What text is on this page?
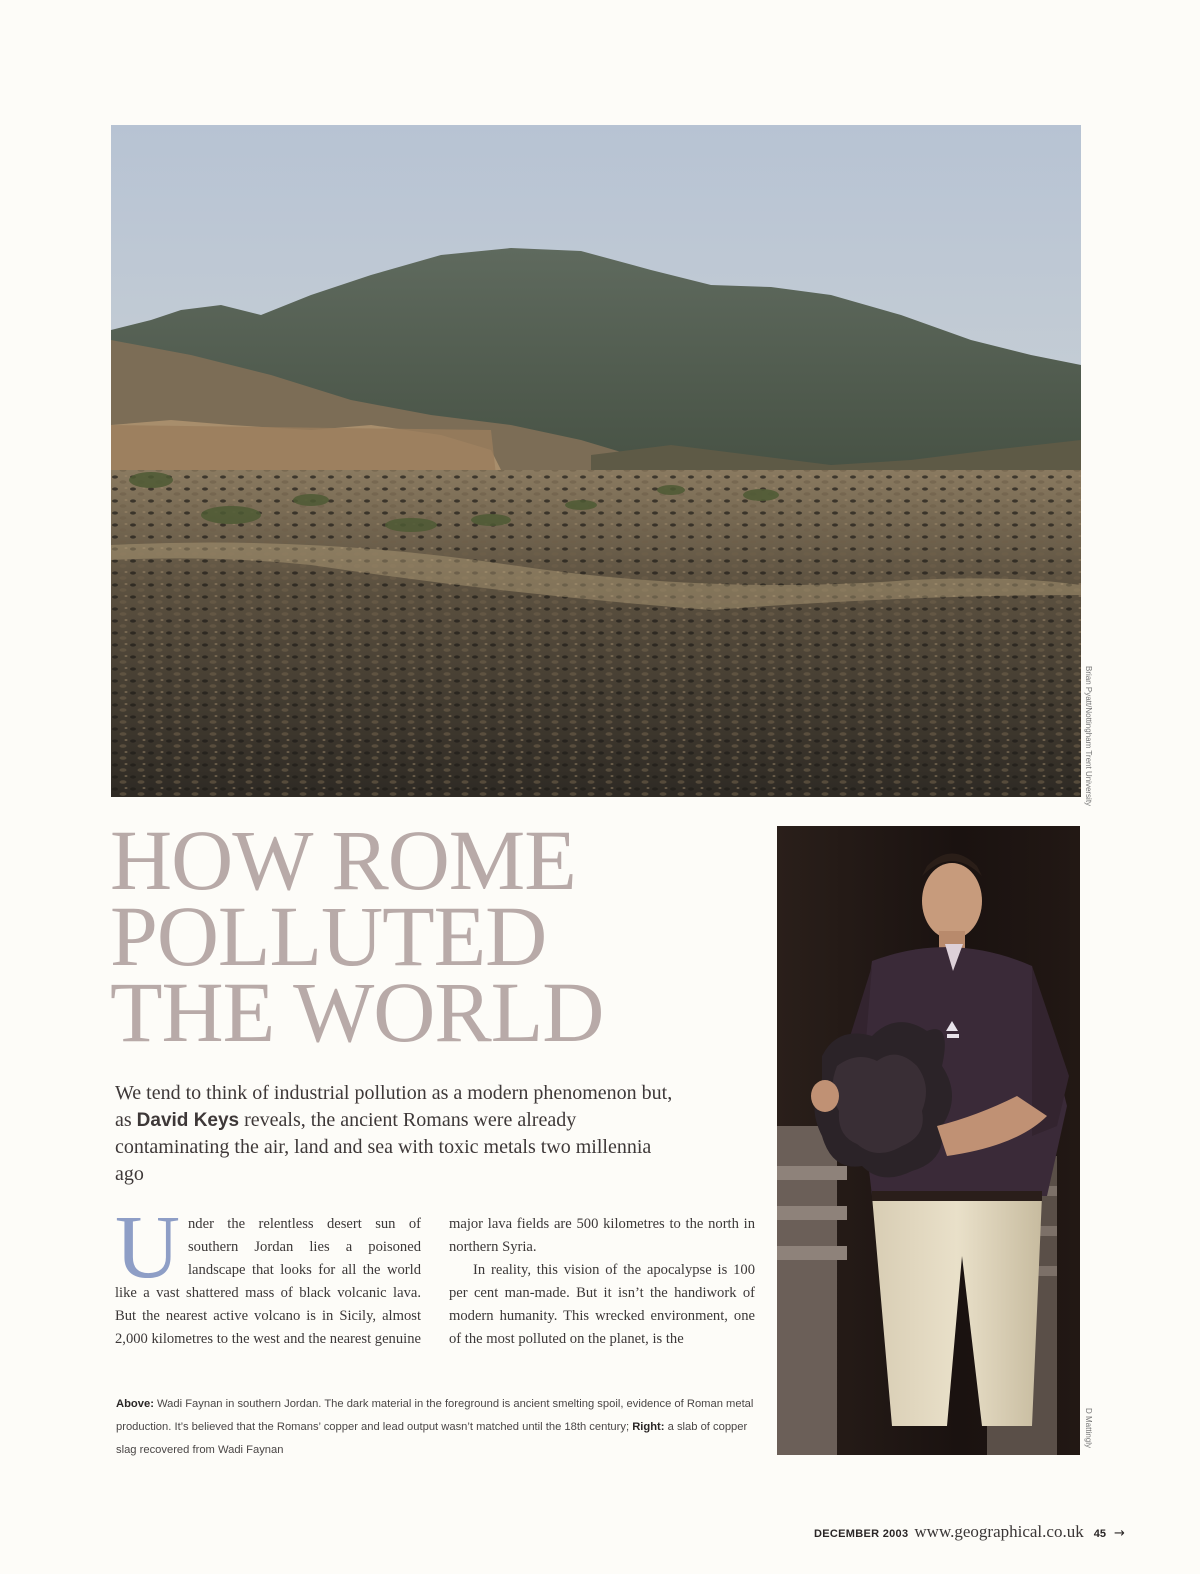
Brian Pyatt/Nottingham Trent University
HOW ROME
POLLUTED
THE WORLD

We tend to think of industrial pollution as a modern phenomenon but, as David Keys reveals, the ancient Romans were already contaminating the air, land and sea with toxic metals two millennia ago

Under the relentless desert sun of southern Jordan lies a poisoned landscape that looks for all the world like a vast shattered mass of black volcanic lava. But the nearest active volcano is in Sicily, almost 2,000 kilometres to the west and the nearest genuine

major lava fields are 500 kilometres to the north in northern Syria.
In reality, this vision of the apocalypse is 100 per cent man-made. But it isn’t the handiwork of modern humanity. This wrecked environment, one of the most polluted on the planet, is the

Above: Wadi Faynan in southern Jordan. The dark material in the foreground is ancient smelting spoil, evidence of Roman metal production. It’s believed that the Romans’ copper and lead output wasn’t matched until the 18th century; Right: a slab of copper slag recovered from Wadi Faynan

D Mattingly
DECEMBER 2003 www.geographical.co.uk 45 →
